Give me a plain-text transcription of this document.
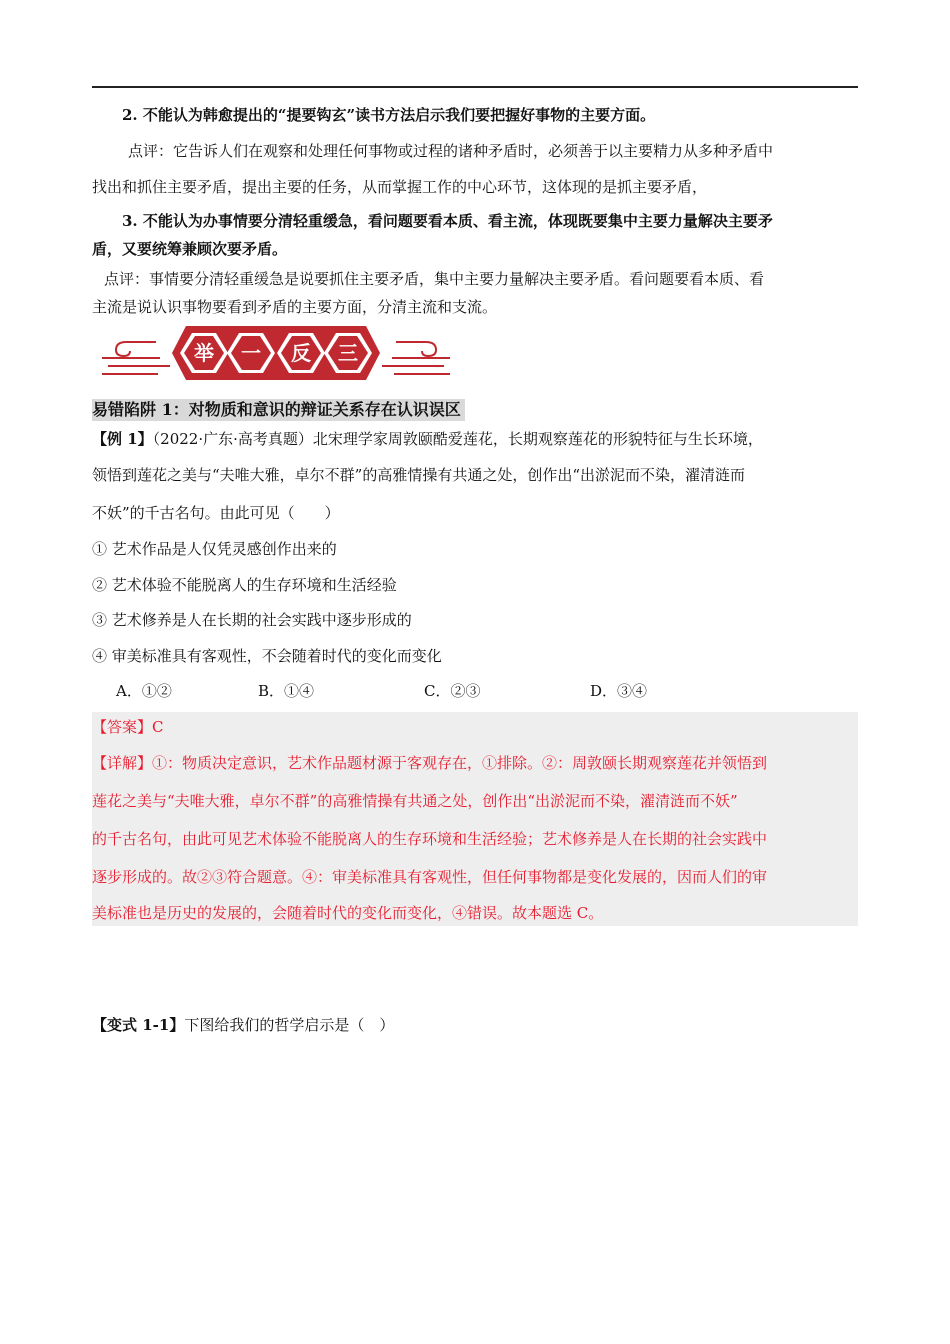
2. 不能认为韩愈提出的“提要钩玄”读书方法启示我们要把握好事物的主要方面。
点评：它告诉人们在观察和处理任何事物或过程的诸种矛盾时，必须善于以主要精力从多种矛盾中
找出和抓住主要矛盾，提出主要的任务，从而掌握工作的中心环节，这体现的是抓主要矛盾，
3. 不能认为办事情要分清轻重缓急，看问题要看本质、看主流，体现既要集中主要力量解决主要矛
盾，又要统筹兼顾次要矛盾。
点评：事情要分清轻重缓急是说要抓住主要矛盾，集中主要力量解决主要矛盾。看问题要看本质、看
主流是说认识事物要看到矛盾的主要方面，分清主流和支流。
举 一 反 三
易错陷阱 1：对物质和意识的辩证关系存在认识误区
【例 1】（2022·广东·高考真题）北宋理学家周敦颐酷爱莲花，长期观察莲花的形貌特征与生长环境，
领悟到莲花之美与“夫唯大雅，卓尔不群”的高雅情操有共通之处，创作出“出淤泥而不染，濯清涟而
不妖”的千古名句。由此可见（　　）
① 艺术作品是人仅凭灵感创作出来的
② 艺术体验不能脱离人的生存环境和生活经验
③ 艺术修养是人在长期的社会实践中逐步形成的
④ 审美标准具有客观性，不会随着时代的变化而变化
A．①②	B．①④	C．②③	D．③④
【答案】C
【详解】①：物质决定意识，艺术作品题材源于客观存在，①排除。②：周敦颐长期观察莲花并领悟到
莲花之美与“夫唯大雅，卓尔不群”的高雅情操有共通之处，创作出“出淤泥而不染，濯清涟而不妖”
的千古名句，由此可见艺术体验不能脱离人的生存环境和生活经验；艺术修养是人在长期的社会实践中
逐步形成的。故②③符合题意。④：审美标准具有客观性，但任何事物都是变化发展的，因而人们的审
美标准也是历史的发展的，会随着时代的变化而变化，④错误。故本题选 C。
【变式 1-1】下图给我们的哲学启示是（　）
